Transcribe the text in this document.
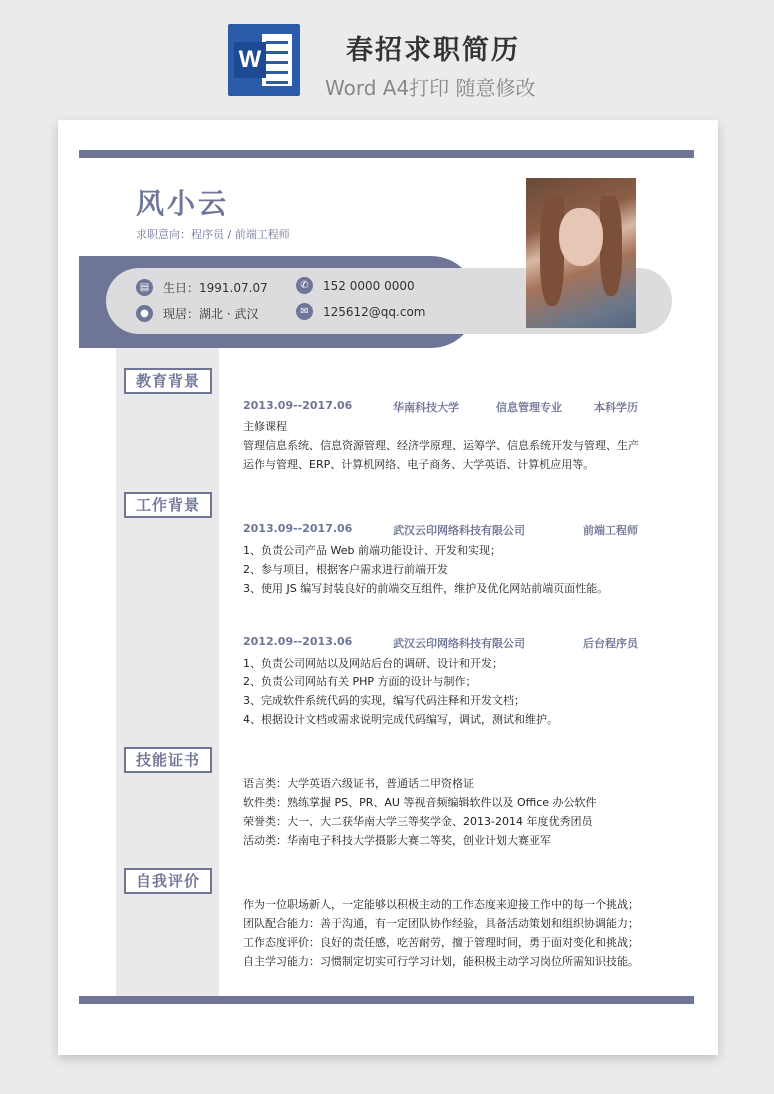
W	春招求职简历
Word A4打印 随意修改
风小云
求职意向：程序员 / 前端工程师
▤	生日：1991.07.07
●	现居：湖北 · 武汉
✆	152 0000 0000
✉	125612@qq.com
教育背景
2013.09--2017.06	华南科技大学	信息管理专业	本科学历
主修课程
管理信息系统、信息资源管理、经济学原理、运筹学、信息系统开发与管理、生产
运作与管理、ERP、计算机网络、电子商务、大学英语、计算机应用等。
工作背景
2013.09--2017.06	武汉云印网络科技有限公司	前端工程师
1、负责公司产品 Web 前端功能设计、开发和实现；
2、参与项目，根据客户需求进行前端开发
3、使用 JS 编写封装良好的前端交互组件，维护及优化网站前端页面性能。
2012.09--2013.06	武汉云印网络科技有限公司	后台程序员
1、负责公司网站以及网站后台的调研、设计和开发；
2、负责公司网站有关 PHP 方面的设计与制作；
3、完成软件系统代码的实现，编写代码注释和开发文档；
4、根据设计文档或需求说明完成代码编写，调试，测试和维护。
技能证书
语言类：大学英语六级证书，普通话二甲资格证
软件类：熟练掌握 PS、PR、AU 等视音频编辑软件以及 Office 办公软件
荣誉类：大一、大二获华南大学三等奖学金、2013-2014 年度优秀团员
活动类：华南电子科技大学摄影大赛二等奖，创业计划大赛亚军
自我评价
作为一位职场新人，一定能够以积极主动的工作态度来迎接工作中的每一个挑战；
团队配合能力：善于沟通，有一定团队协作经验，具备活动策划和组织协调能力；
工作态度评价：良好的责任感，吃苦耐劳，擅于管理时间，勇于面对变化和挑战；
自主学习能力：习惯制定切实可行学习计划，能积极主动学习岗位所需知识技能。
